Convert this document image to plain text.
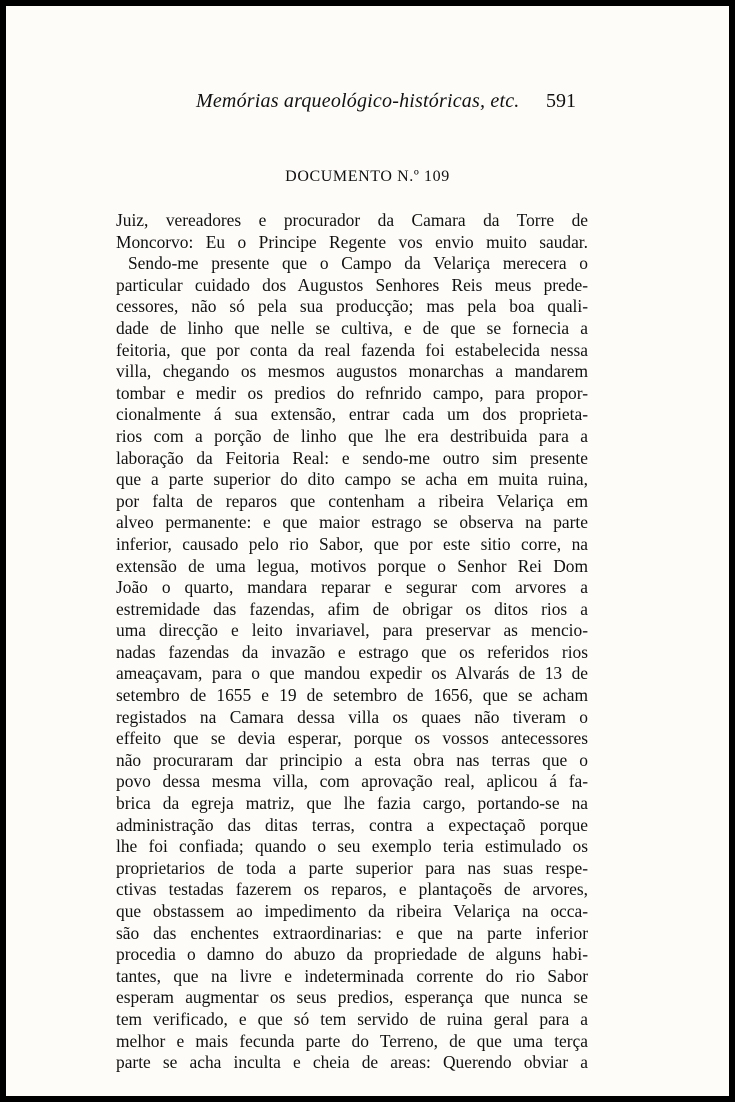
Memórias arqueológico-históricas, etc. 591
DOCUMENTO N.º 109
Juiz, vereadores e procurador da Camara da Torre de
Moncorvo: Eu o Principe Regente vos envio muito saudar.
Sendo-me presente que o Campo da Velariça merecera o
particular cuidado dos Augustos Senhores Reis meus prede-
cessores, não só pela sua producção; mas pela boa quali-
dade de linho que nelle se cultiva, e de que se fornecia a
feitoria, que por conta da real fazenda foi estabelecida nessa
villa, chegando os mesmos augustos monarchas a mandarem
tombar e medir os predios do refnrido campo, para propor-
cionalmente á sua extensão, entrar cada um dos proprieta-
rios com a porção de linho que lhe era destribuida para a
laboração da Feitoria Real: e sendo-me outro sim presente
que a parte superior do dito campo se acha em muita ruina,
por falta de reparos que contenham a ribeira Velariça em
alveo permanente: e que maior estrago se observa na parte
inferior, causado pelo rio Sabor, que por este sitio corre, na
extensão de uma legua, motivos porque o Senhor Rei Dom
João o quarto, mandara reparar e segurar com arvores a
estremidade das fazendas, afim de obrigar os ditos rios a
uma direcção e leito invariavel, para preservar as mencio-
nadas fazendas da invazão e estrago que os referidos rios
ameaçavam, para o que mandou expedir os Alvarás de 13 de
setembro de 1655 e 19 de setembro de 1656, que se acham
registados na Camara dessa villa os quaes não tiveram o
effeito que se devia esperar, porque os vossos antecessores
não procuraram dar principio a esta obra nas terras que o
povo dessa mesma villa, com aprovação real, aplicou á fa-
brica da egreja matriz, que lhe fazia cargo, portando-se na
administração das ditas terras, contra a expectaçaõ porque
lhe foi confiada; quando o seu exemplo teria estimulado os
proprietarios de toda a parte superior para nas suas respe-
ctivas testadas fazerem os reparos, e plantaçoẽs de arvores,
que obstassem ao impedimento da ribeira Velariça na occa-
são das enchentes extraordinarias: e que na parte inferior
procedia o damno do abuzo da propriedade de alguns habi-
tantes, que na livre e indeterminada corrente do rio Sabor
esperam augmentar os seus predios, esperança que nunca se
tem verificado, e que só tem servido de ruina geral para a
melhor e mais fecunda parte do Terreno, de que uma terça
parte se acha inculta e cheia de areas: Querendo obviar a
